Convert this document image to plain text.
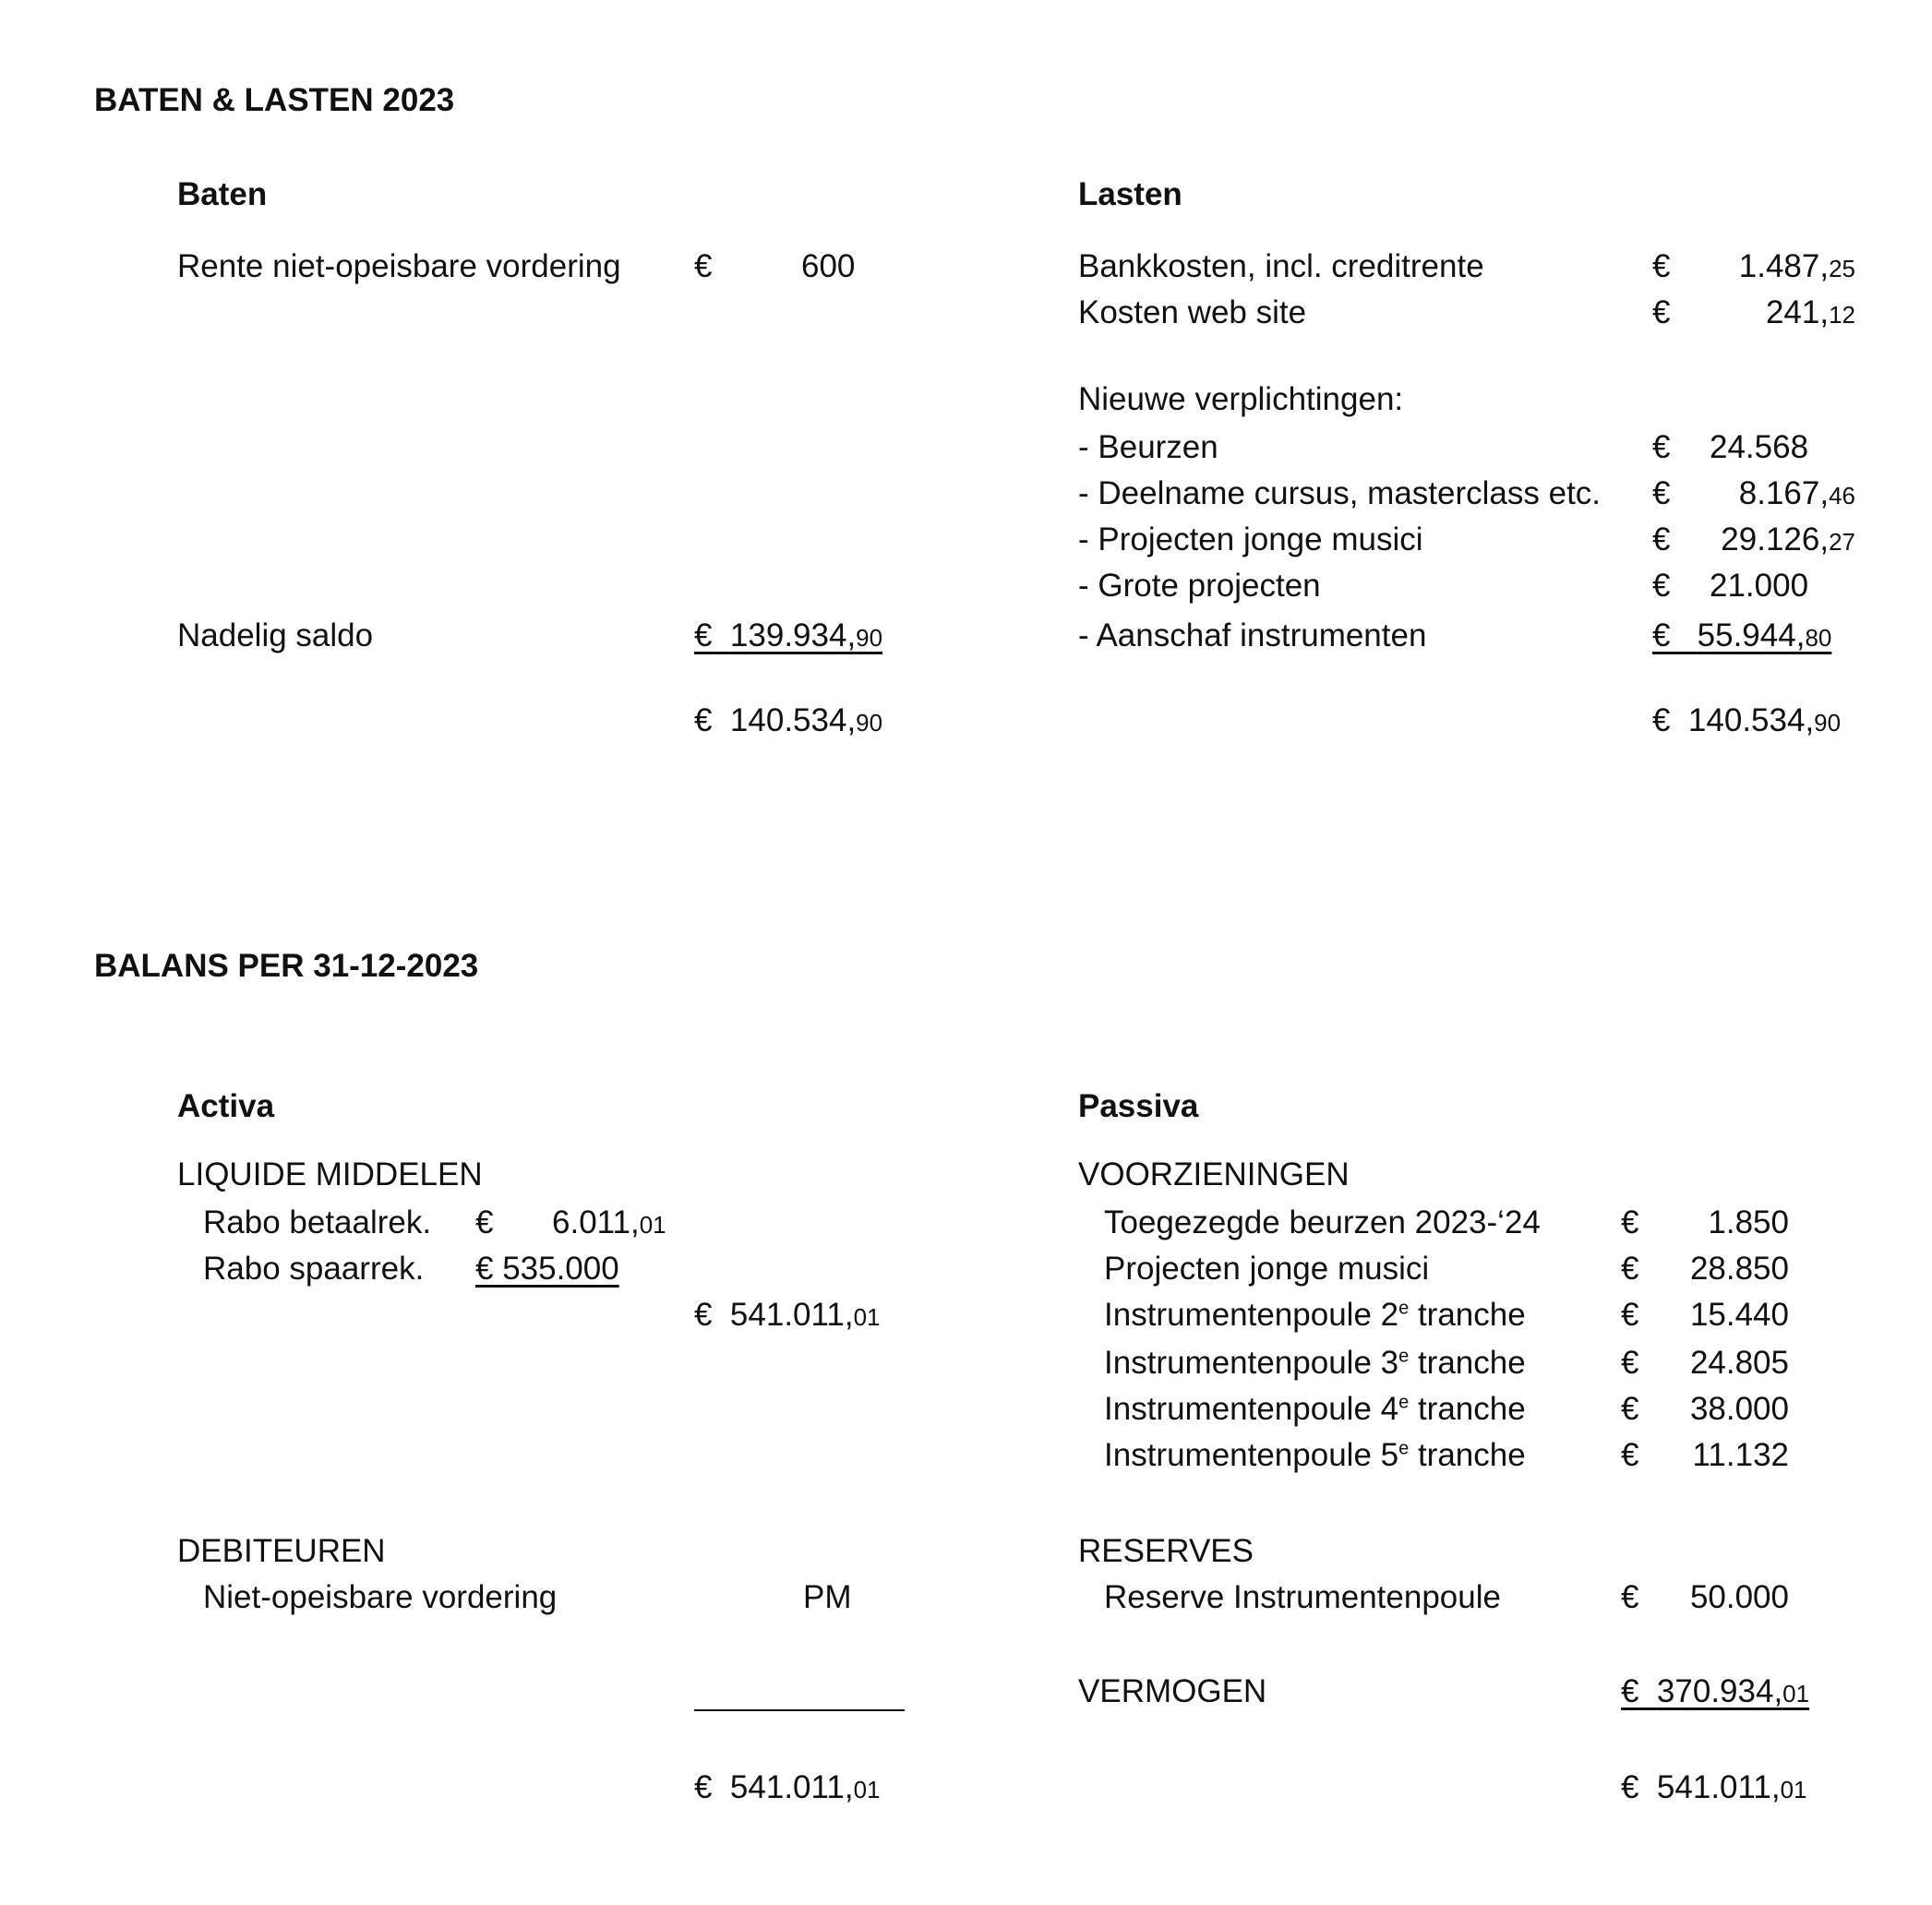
BATEN & LASTEN 2023
Baten
Rente niet-opeisbare vordering €	600
Nadelig saldo	€ 139.934,90
€ 140.534,90
Lasten
Bankkosten, incl. creditrente	€	1.487,25
Kosten web site	€	241,12
Nieuwe verplichtingen:
- Beurzen	€ 24.568
- Deelname cursus, masterclass etc. €	8.167,46
- Projecten jonge musici	€	29.126,27
- Grote projecten	€ 21.000
- Aanschaf instrumenten	€ 55.944,80
€ 140.534,90
BALANS PER 31-12-2023
Activa
LIQUIDE MIDDELEN
Rabo betaalrek. € 6.011,01
Rabo spaarrek. € 535.000
€ 541.011,01
DEBITEUREN
Niet-opeisbare vordering	PM
€ 541.011,01
Passiva
VOORZIENINGEN
Toegezegde beurzen 2023-‘24 €	1.850
Projecten jonge musici	€	28.850
Instrumentenpoule 2e tranche	€	15.440
Instrumentenpoule 3e tranche	€	24.805
Instrumentenpoule 4e tranche	€	38.000
Instrumentenpoule 5e tranche	€	11.132
RESERVES
Reserve Instrumentenpoule	€	50.000
VERMOGEN	€ 370.934,01
€ 541.011,01
